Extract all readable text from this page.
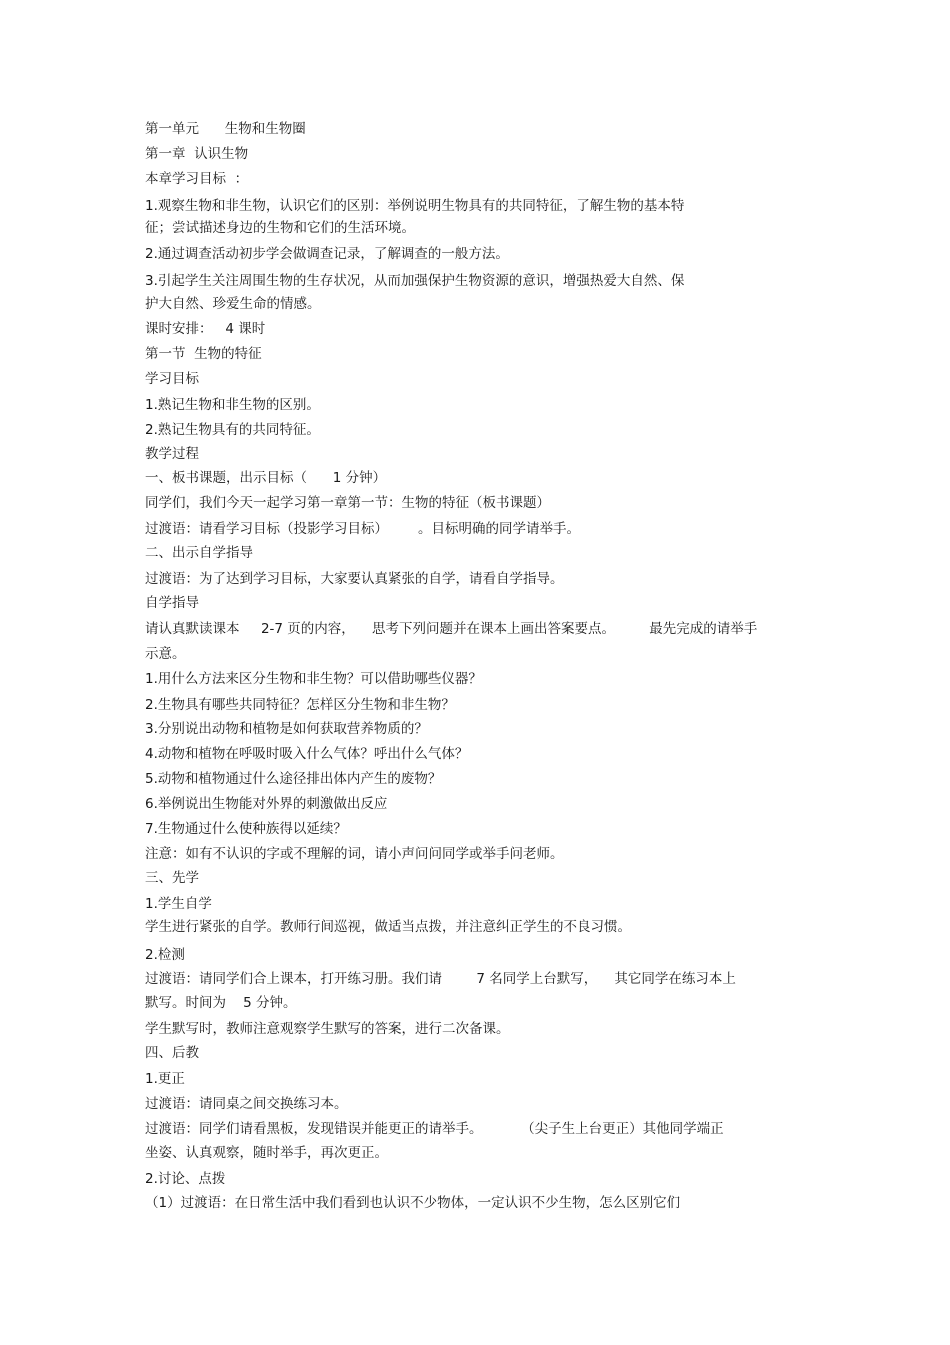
第一单元      生物和生物圈
第一章  认识生物
本章学习目标  ：
1.观察生物和非生物，认识它们的区别：举例说明生物具有的共同特征，了解生物的基本特
征；尝试描述身边的生物和它们的生活环境。
2.通过调查活动初步学会做调查记录，了解调查的一般方法。
3.引起学生关注周围生物的生存状况，从而加强保护生物资源的意识，增强热爱大自然、保
护大自然、珍爱生命的情感。
课时安排：   4 课时
第一节  生物的特征
学习目标
1.熟记生物和非生物的区别。
2.熟记生物具有的共同特征。
教学过程
一、板书课题，出示目标（      1 分钟）
同学们，我们今天一起学习第一章第一节：生物的特征（板书课题）
过渡语：请看学习目标（投影学习目标）       。目标明确的同学请举手。
二、出示自学指导
过渡语：为了达到学习目标，大家要认真紧张的自学，请看自学指导。
自学指导
请认真默读课本     2-7 页的内容，    思考下列问题并在课本上画出答案要点。        最先完成的请举手
示意。
1.用什么方法来区分生物和非生物？可以借助哪些仪器？
2.生物具有哪些共同特征？怎样区分生物和非生物？
3.分别说出动物和植物是如何获取营养物质的？
4.动物和植物在呼吸时吸入什么气体？呼出什么气体？
5.动物和植物通过什么途径排出体内产生的废物？
6.举例说出生物能对外界的刺激做出反应
7.生物通过什么使种族得以延续？
注意：如有不认识的字或不理解的词，请小声问问同学或举手问老师。
三、先学
1.学生自学
学生进行紧张的自学。教师行间巡视，做适当点拨，并注意纠正学生的不良习惯。
2.检测
过渡语：请同学们合上课本，打开练习册。我们请        7 名同学上台默写，    其它同学在练习本上
默写。时间为    5 分钟。
学生默写时，教师注意观察学生默写的答案，进行二次备课。
四、后教
1.更正
过渡语：请同桌之间交换练习本。
过渡语：同学们请看黑板，发现错误并能更正的请举手。         （尖子生上台更正）其他同学端正
坐姿、认真观察，随时举手，再次更正。
2.讨论、点拨
（1）过渡语：在日常生活中我们看到也认识不少物体，一定认识不少生物，怎么区别它们
